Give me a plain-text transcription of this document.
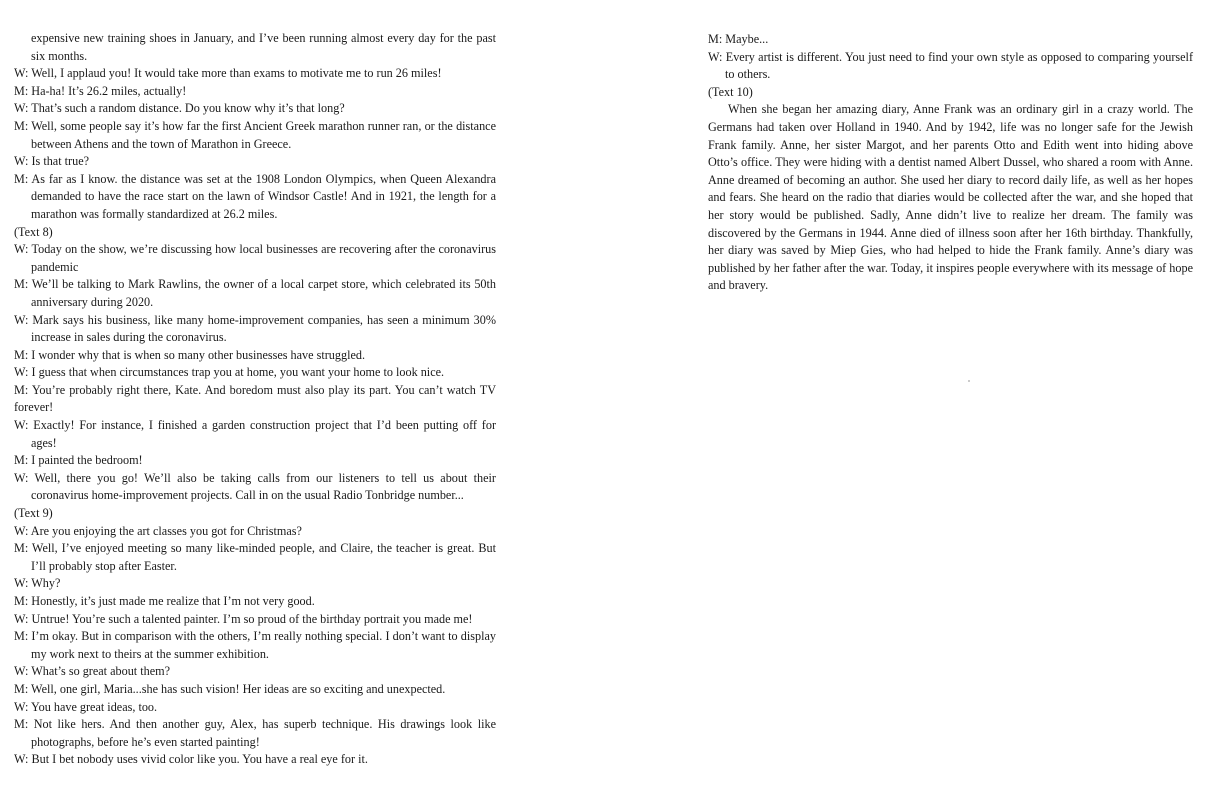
expensive new training shoes in January, and I’ve been running almost every day for the past six months.

W: Well, I applaud you! It would take more than exams to motivate me to run 26 miles!

M: Ha-ha! It’s 26.2 miles, actually!

W: That’s such a random distance. Do you know why it’s that long?

M: Well, some people say it’s how far the first Ancient Greek marathon runner ran, or the distance between Athens and the town of Marathon in Greece.

W: Is that true?

M: As far as I know. the distance was set at the 1908 London Olympics, when Queen Alexandra demanded to have the race start on the lawn of Windsor Castle! And in 1921, the length for a marathon was formally standardized at 26.2 miles.

(Text 8)

W: Today on the show, we’re discussing how local businesses are recovering after the coronavirus pandemic

M: We’ll be talking to Mark Rawlins, the owner of a local carpet store, which celebrated its 50th anniversary during 2020.

W: Mark says his business, like many home-improvement companies, has seen a minimum 30% increase in sales during the coronavirus.

M: I wonder why that is when so many other businesses have struggled.

W: I guess that when circumstances trap you at home, you want your home to look nice.

M: You’re probably right there, Kate. And boredom must also play its part. You can’t watch TV forever!

W: Exactly! For instance, I finished a garden construction project that I’d been putting off for ages!

M: I painted the bedroom!

W: Well, there you go! We’ll also be taking calls from our listeners to tell us about their coronavirus home-improvement projects. Call in on the usual Radio Tonbridge number...

(Text 9)

W: Are you enjoying the art classes you got for Christmas?

M: Well, I’ve enjoyed meeting so many like-minded people, and Claire, the teacher is great. But I’ll probably stop after Easter.

W: Why?

M: Honestly, it’s just made me realize that I’m not very good.

W: Untrue! You’re such a talented painter. I’m so proud of the birthday portrait you made me!

M: I’m okay. But in comparison with the others, I’m really nothing special. I don’t want to display my work next to theirs at the summer exhibition.

W: What’s so great about them?

M: Well, one girl, Maria...she has such vision! Her ideas are so exciting and unexpected.

W: You have great ideas, too.

M: Not like hers. And then another guy, Alex, has superb technique. His drawings look like photographs, before he’s even started painting!

W: But I bet nobody uses vivid color like you. You have a real eye for it.

M: Maybe...

W: Every artist is different. You just need to find your own style as opposed to comparing yourself to others.

(Text 10)

When she began her amazing diary, Anne Frank was an ordinary girl in a crazy world. The Germans had taken over Holland in 1940. And by 1942, life was no longer safe for the Jewish Frank family. Anne, her sister Margot, and her parents Otto and Edith went into hiding above Otto’s office. They were hiding with a dentist named Albert Dussel, who shared a room with Anne. Anne dreamed of becoming an author. She used her diary to record daily life, as well as her hopes and fears. She heard on the radio that diaries would be collected after the war, and she hoped that her story would be published. Sadly, Anne didn’t live to realize her dream. The family was discovered by the Germans in 1944. Anne died of illness soon after her 16th birthday. Thankfully, her diary was saved by Miep Gies, who had helped to hide the Frank family. Anne’s diary was published by her father after the war. Today, it inspires people everywhere with its message of hope and bravery.
